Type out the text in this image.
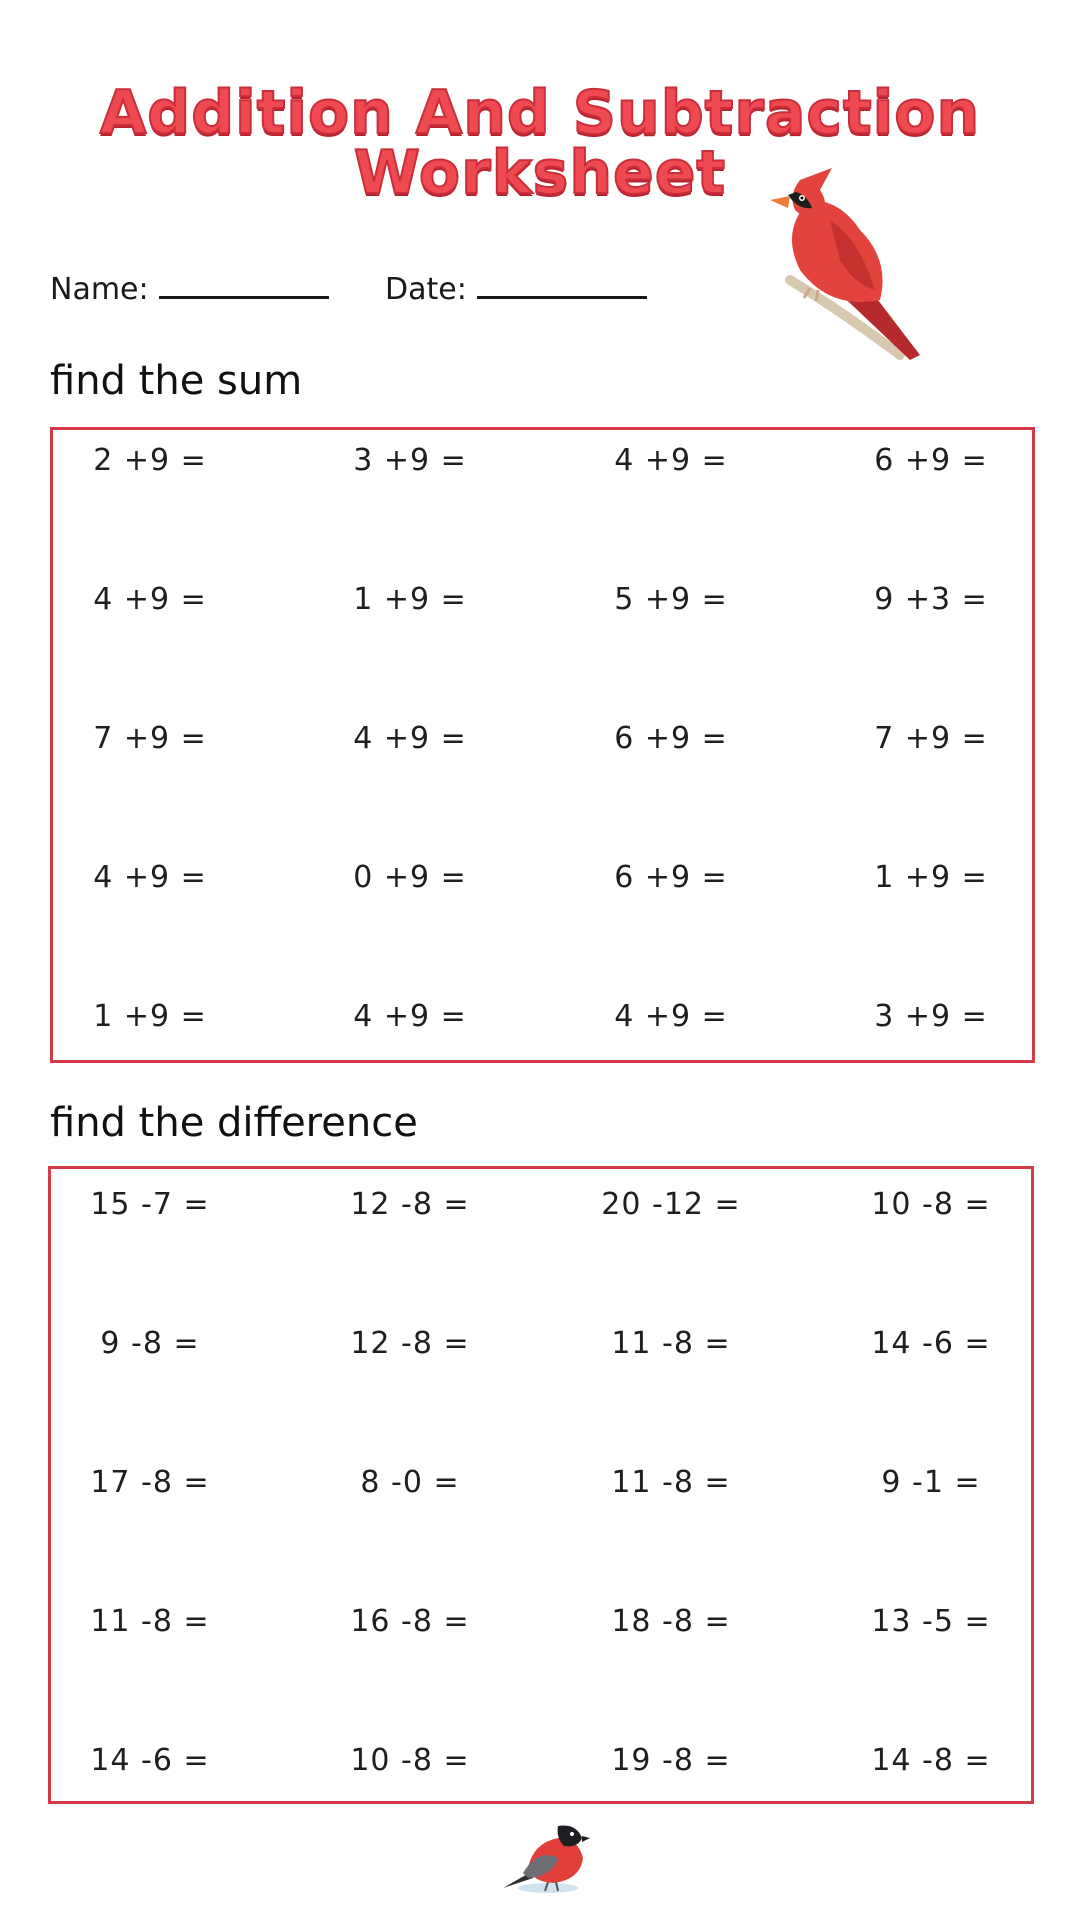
Addition And Subtraction
Worksheet
Name:	Date:
find the sum
find the difference
2 +9 =	3 +9 =	4 +9 =	6 +9 =
4 +9 =	1 +9 =	5 +9 =	9 +3 =
7 +9 =	4 +9 =	6 +9 =	7 +9 =
4 +9 =	0 +9 =	6 +9 =	1 +9 =
1 +9 =	4 +9 =	4 +9 =	3 +9 =
15 -7 =	12 -8 =	20 -12 =	10 -8 =
9 -8 =	12 -8 =	11 -8 =	14 -6 =
17 -8 =	8 -0 =	11 -8 =	9 -1 =
11 -8 =	16 -8 =	18 -8 =	13 -5 =
14 -6 =	10 -8 =	19 -8 =	14 -8 =
